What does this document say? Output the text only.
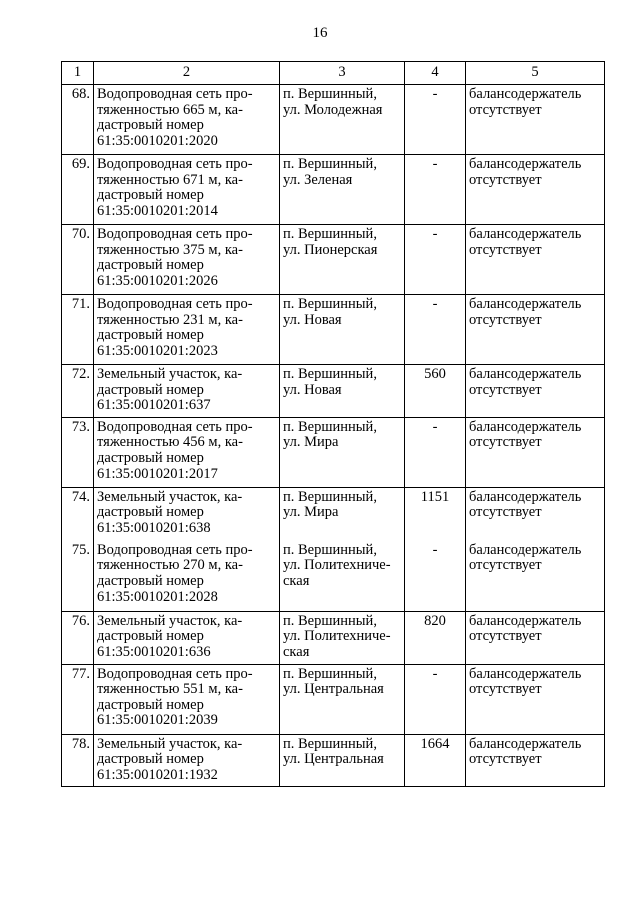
16
1	2	3	4	5
68.	Водопроводная сеть про-
тяженностью 665 м, ка-
дастровый номер
61:35:0010201:2020	п. Вершинный,
ул. Молодежная	-	балансодержатель
отсутствует
69.	Водопроводная сеть про-
тяженностью 671 м, ка-
дастровый номер
61:35:0010201:2014	п. Вершинный,
ул. Зеленая	-	балансодержатель
отсутствует
70.	Водопроводная сеть про-
тяженностью 375 м, ка-
дастровый номер
61:35:0010201:2026	п. Вершинный,
ул. Пионерская	-	балансодержатель
отсутствует
71.	Водопроводная сеть про-
тяженностью 231 м, ка-
дастровый номер
61:35:0010201:2023	п. Вершинный,
ул. Новая	-	балансодержатель
отсутствует
72.	Земельный участок, ка-
дастровый номер
61:35:0010201:637	п. Вершинный,
ул. Новая	560	балансодержатель
отсутствует
73.	Водопроводная сеть про-
тяженностью 456 м, ка-
дастровый номер
61:35:0010201:2017	п. Вершинный,
ул. Мира	-	балансодержатель
отсутствует
74.	Земельный участок, ка-
дастровый номер
61:35:0010201:638	п. Вершинный,
ул. Мира	1151	балансодержатель
отсутствует
75.	Водопроводная сеть про-
тяженностью 270 м, ка-
дастровый номер
61:35:0010201:2028	п. Вершинный,
ул. Политехниче-
ская	-	балансодержатель
отсутствует
76.	Земельный участок, ка-
дастровый номер
61:35:0010201:636	п. Вершинный,
ул. Политехниче-
ская	820	балансодержатель
отсутствует
77.	Водопроводная сеть про-
тяженностью 551 м, ка-
дастровый номер
61:35:0010201:2039	п. Вершинный,
ул. Центральная	-	балансодержатель
отсутствует
78.	Земельный участок, ка-
дастровый номер
61:35:0010201:1932	п. Вершинный,
ул. Центральная	1664	балансодержатель
отсутствует
